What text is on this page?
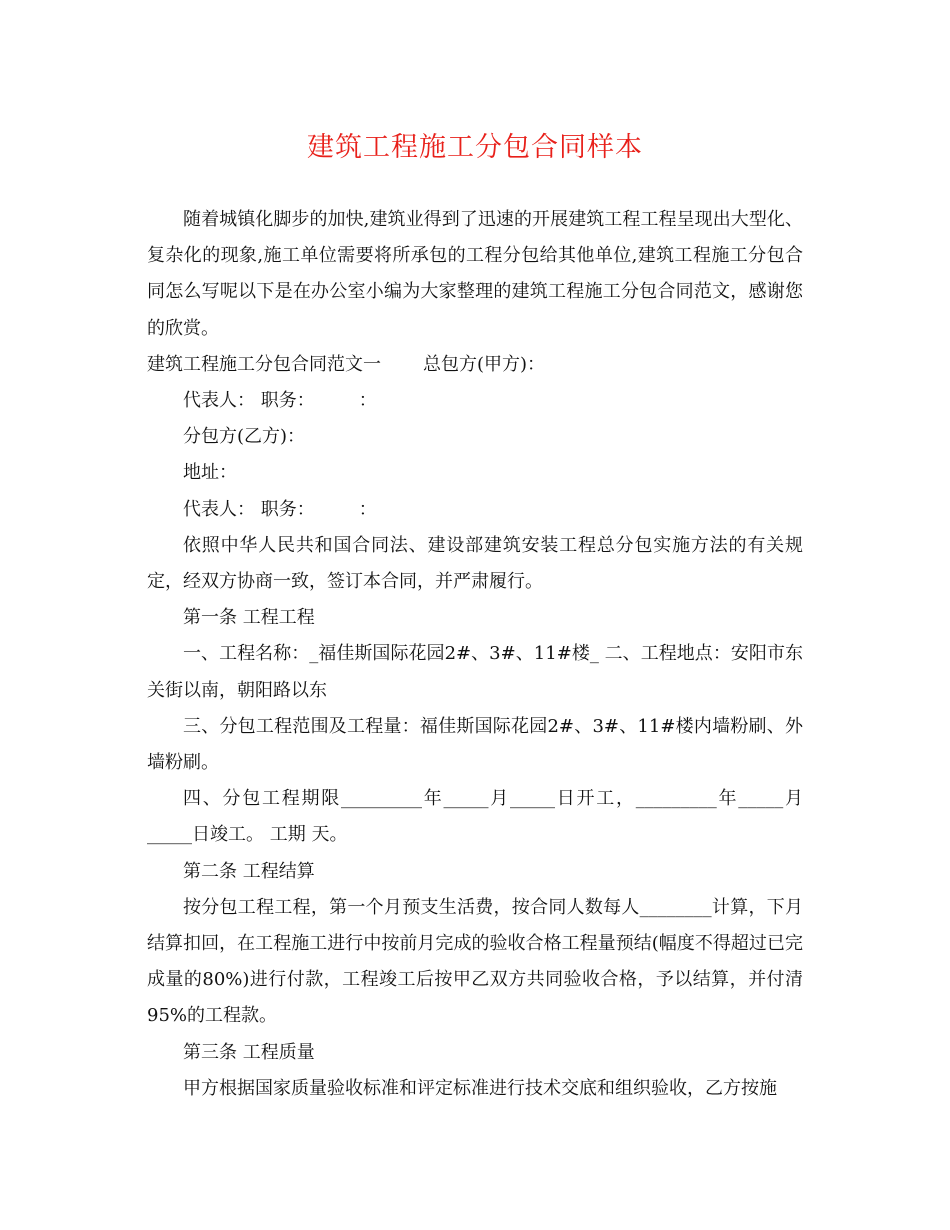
建筑工程施工分包合同样本

随着城镇化脚步的加快,建筑业得到了迅速的开展建筑工程工程呈现出大型化、复杂化的现象,施工单位需要将所承包的工程分包给其他单位,建筑工程施工分包合同怎么写呢以下是在办公室小编为大家整理的建筑工程施工分包合同范文，感谢您的欣赏。

建筑工程施工分包合同范文一 总包方(甲方)：

代表人： 职务： ：

分包方(乙方)：

地址：

代表人： 职务： ：

依照中华人民共和国合同法、建设部建筑安装工程总分包实施方法的有关规定，经双方协商一致，签订本合同，并严肃履行。

第一条 工程工程

一、工程名称：_福佳斯国际花园2#、3#、11#楼_ 二、工程地点：安阳市东关街以南，朝阳路以东

三、分包工程范围及工程量：福佳斯国际花园2#、3#、11#楼内墙粉刷、外墙粉刷。

四、分包工程期限_________年_____月_____日开工，_________年_____月_____日竣工。 工期 天。

第二条 工程结算

按分包工程工程，第一个月预支生活费，按合同人数每人________计算，下月结算扣回，在工程施工进行中按前月完成的验收合格工程量预结(幅度不得超过已完成量的80%)进行付款，工程竣工后按甲乙双方共同验收合格，予以结算，并付清95%的工程款。

第三条 工程质量

甲方根据国家质量验收标准和评定标准进行技术交底和组织验收，乙方按施
